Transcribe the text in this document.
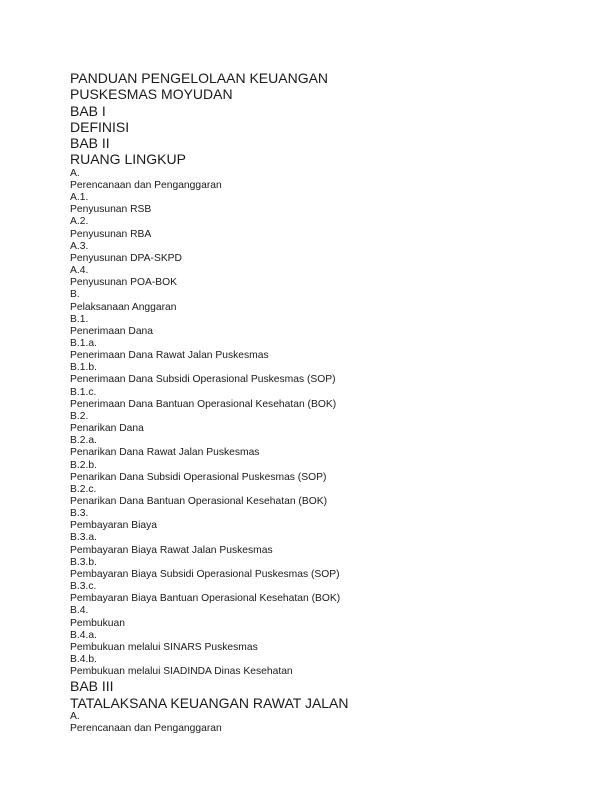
PANDUAN PENGELOLAAN KEUANGAN
PUSKESMAS MOYUDAN
BAB I
DEFINISI
BAB II
RUANG LINGKUP
A.
Perencanaan dan Penganggaran
A.1.
Penyusunan RSB
A.2.
Penyusunan RBA
A.3.
Penyusunan DPA-SKPD
A.4.
Penyusunan POA-BOK
B.
Pelaksanaan Anggaran
B.1.
Penerimaan Dana
B.1.a.
Penerimaan Dana Rawat Jalan Puskesmas
B.1.b.
Penerimaan Dana Subsidi Operasional Puskesmas (SOP)
B.1.c.
Penerimaan Dana Bantuan Operasional Kesehatan (BOK)
B.2.
Penarikan Dana
B.2.a.
Penarikan Dana Rawat Jalan Puskesmas
B.2.b.
Penarikan Dana Subsidi Operasional Puskesmas (SOP)
B.2.c.
Penarikan Dana Bantuan Operasional Kesehatan (BOK)
B.3.
Pembayaran Biaya
B.3.a.
Pembayaran Biaya Rawat Jalan Puskesmas
B.3.b.
Pembayaran Biaya Subsidi Operasional Puskesmas (SOP)
B.3.c.
Pembayaran Biaya Bantuan Operasional Kesehatan (BOK)
B.4.
Pembukuan
B.4.a.
Pembukuan melalui SINARS Puskesmas
B.4.b.
Pembukuan melalui SIADINDA Dinas Kesehatan
BAB III
TATALAKSANA KEUANGAN RAWAT JALAN
A.
Perencanaan dan Penganggaran
